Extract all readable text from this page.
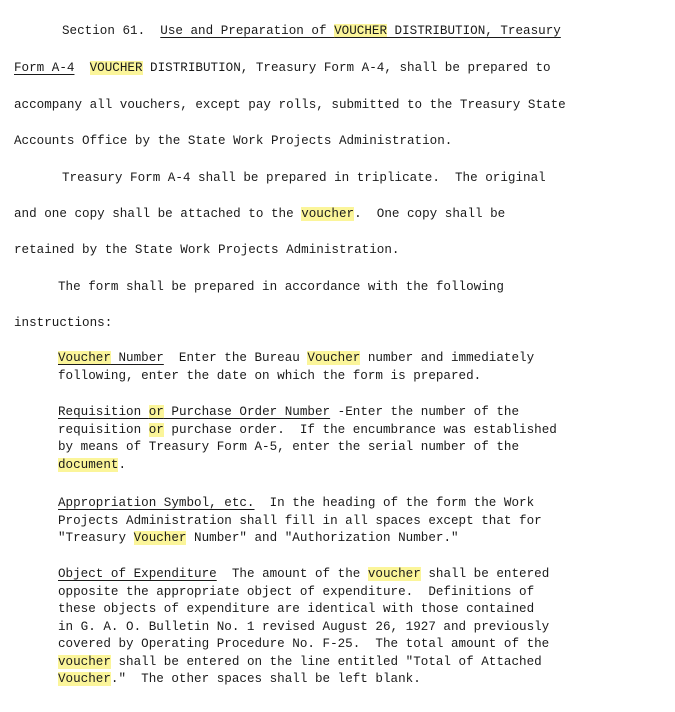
Section 61. Use and Preparation of VOUCHER DISTRIBUTION, Treasury
Form A-4 VOUCHER DISTRIBUTION, Treasury Form A-4, shall be prepared to
accompany all vouchers, except pay rolls, submitted to the Treasury State
Accounts Office by the State Work Projects Administration.
Treasury Form A-4 shall be prepared in triplicate.  The original
and one copy shall be attached to the voucher.  One copy shall be
retained by the State Work Projects Administration.
The form shall be prepared in accordance with the following
instructions:
Voucher Number  Enter the Bureau Voucher number and immediately
following, enter the date on which the form is prepared.
Requisition or Purchase Order Number -Enter the number of the
requisition or purchase order.  If the encumbrance was established
by means of Treasury Form A-5, enter the serial number of the
document.
Appropriation Symbol, etc.  In the heading of the form the Work
Projects Administration shall fill in all spaces except that for
"Treasury Voucher Number" and "Authorization Number."
Object of Expenditure  The amount of the voucher shall be entered
opposite the appropriate object of expenditure.  Definitions of
these objects of expenditure are identical with those contained
in G. A. O. Bulletin No. 1 revised August 26, 1927 and previously
covered by Operating Procedure No. F-25.  The total amount of the
voucher shall be entered on the line entitled "Total of Attached
Voucher."  The other spaces shall be left blank.
